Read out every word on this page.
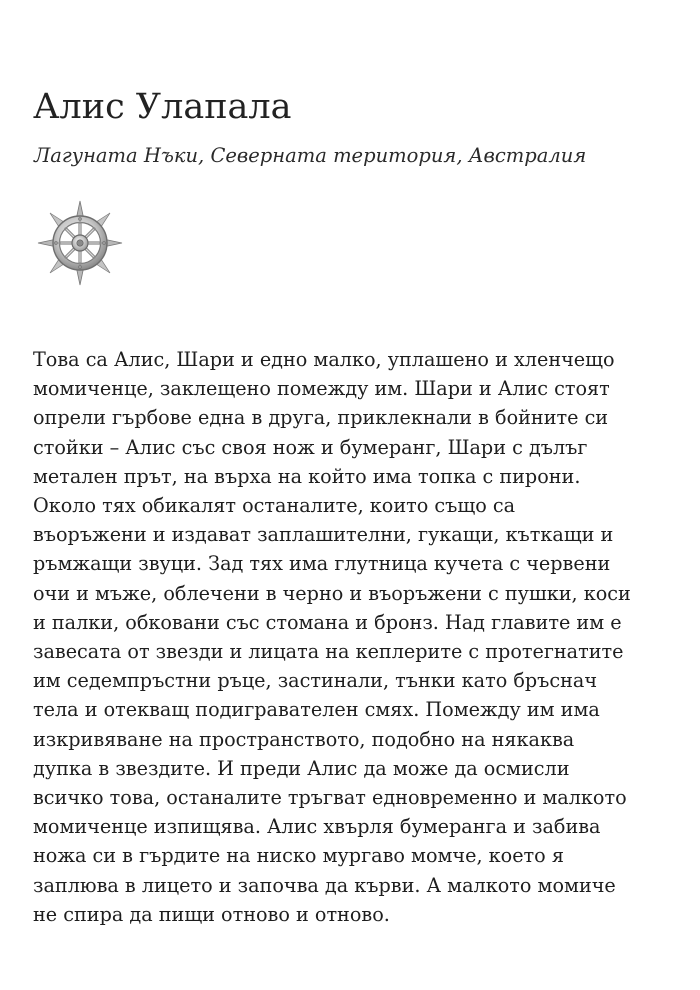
Алис Улапала

Лагуната Нъки, Северната територия, Австралия

Това са Алис, Шари и едно малко, уплашено и хленчещо
момиченце, заклещено помежду им. Шари и Алис стоят
опрели гърбове една в друга, приклекнали в бойните си
стойки – Алис със своя нож и бумеранг, Шари с дълъг
метален прът, на върха на който има топка с пирони.
Около тях обикалят останалите, които също са
въоръжени и издават заплашителни, гукащи, къткащи и
ръмжащи звуци. Зад тях има глутница кучета с червени
очи и мъже, облечени в черно и въоръжени с пушки, коси
и палки, обковани със стомана и бронз. Над главите им е
завесата от звезди и лицата на кеплерите с протегнатите
им седемпръстни ръце, застинали, тънки като бръснач
тела и отекващ подигравателен смях. Помежду им има
изкривяване на пространството, подобно на някаква
дупка в звездите. И преди Алис да може да осмисли
всичко това, останалите тръгват едновременно и малкото
момиченце изпищява. Алис хвърля бумеранга и забива
ножа си в гърдите на ниско мургаво момче, което я
заплюва в лицето и започва да кърви. А малкото момиче
не спира да пищи отново и отново.
